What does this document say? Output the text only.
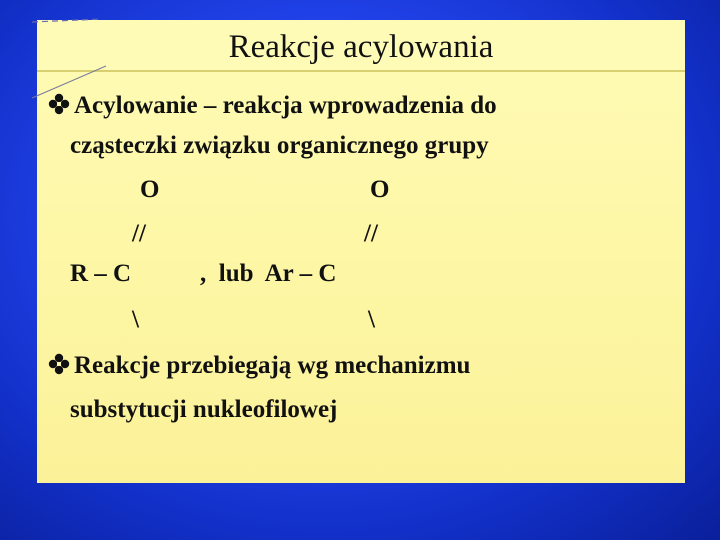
Reakcje acylowania
Acylowanie – reakcja wprowadzenia do
cząsteczki związku organicznego grupy
O	O
//	//
R – C	,  lub  Ar – C
\	\
Reakcje przebiegają wg mechanizmu
substytucji nukleofilowej
